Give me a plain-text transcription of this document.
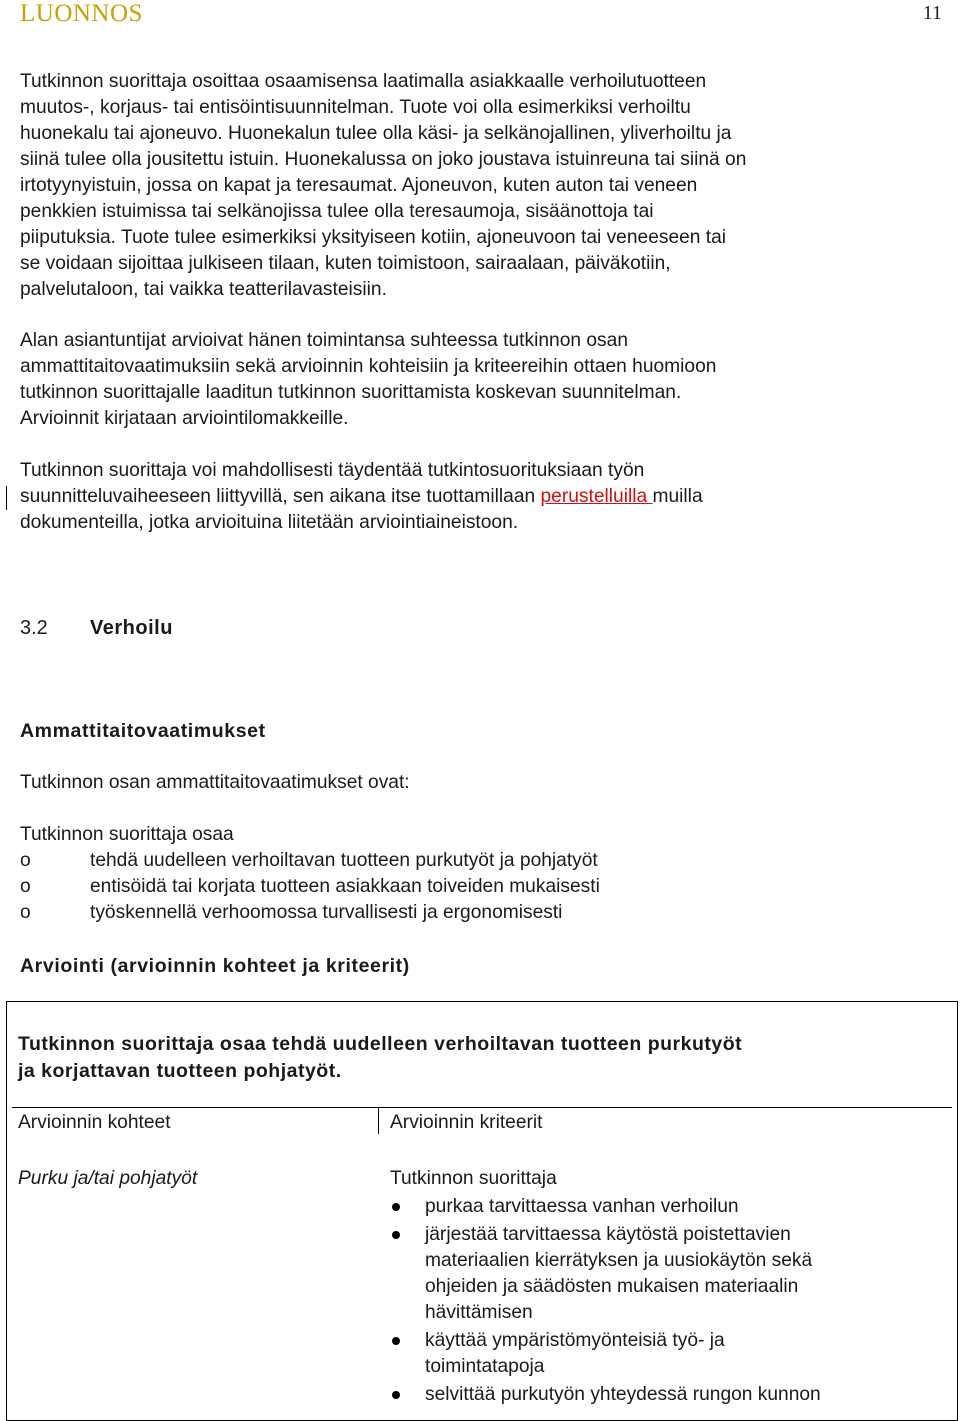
LUONNOS	11
Tutkinnon suorittaja osoittaa osaamisensa laatimalla asiakkaalle verhoilutuotteen
muutos-, korjaus- tai entisöintisuunnitelman. Tuote voi olla esimerkiksi verhoiltu
huonekalu tai ajoneuvo. Huonekalun tulee olla käsi- ja selkänojallinen, yliverhoiltu ja
siinä tulee olla jousitettu istuin. Huonekalussa on joko joustava istuinreuna tai siinä on
irtotyynyistuin, jossa on kapat ja teresaumat. Ajoneuvon, kuten auton tai veneen
penkkien istuimissa tai selkänojissa tulee olla teresaumoja, sisäänottoja tai
piiputuksia. Tuote tulee esimerkiksi yksityiseen kotiin, ajoneuvoon tai veneeseen tai
se voidaan sijoittaa julkiseen tilaan, kuten toimistoon, sairaalaan, päiväkotiin,
palvelutaloon, tai vaikka teatterilavasteisiin.
Alan asiantuntijat arvioivat hänen toimintansa suhteessa tutkinnon osan
ammattitaitovaatimuksiin sekä arvioinnin kohteisiin ja kriteereihin ottaen huomioon
tutkinnon suorittajalle laaditun tutkinnon suorittamista koskevan suunnitelman.
Arvioinnit kirjataan arviointilomakkeille.
Tutkinnon suorittaja voi mahdollisesti täydentää tutkintosuorituksiaan työn
suunnitteluvaiheeseen liittyvillä, sen aikana itse tuottamillaan perustelluilla muilla
dokumenteilla, jotka arvioituina liitetään arviointiaineistoon.
3.2 Verhoilu
Ammattitaitovaatimukset
Tutkinnon osan ammattitaitovaatimukset ovat:
Tutkinnon suorittaja osaa
o	tehdä uudelleen verhoiltavan tuotteen purkutyöt ja pohjatyöt
o	entisöidä tai korjata tuotteen asiakkaan toiveiden mukaisesti
o	työskennellä verhoomossa turvallisesti ja ergonomisesti
Arviointi (arvioinnin kohteet ja kriteerit)
Tutkinnon suorittaja osaa tehdä uudelleen verhoiltavan tuotteen purkutyöt
ja korjattavan tuotteen pohjatyöt.
Arvioinnin kohteet	Arvioinnin kriteerit
Purku ja/tai pohjatyöt	Tutkinnon suorittaja
purkaa tarvittaessa vanhan verhoilun
järjestää tarvittaessa käytöstä poistettavien
materiaalien kierrätyksen ja uusiokäytön sekä
ohjeiden ja säädösten mukaisen materiaalin
hävittämisen
käyttää ympäristömyönteisiä työ- ja
toimintatapoja
selvittää purkutyön yhteydessä rungon kunnon
